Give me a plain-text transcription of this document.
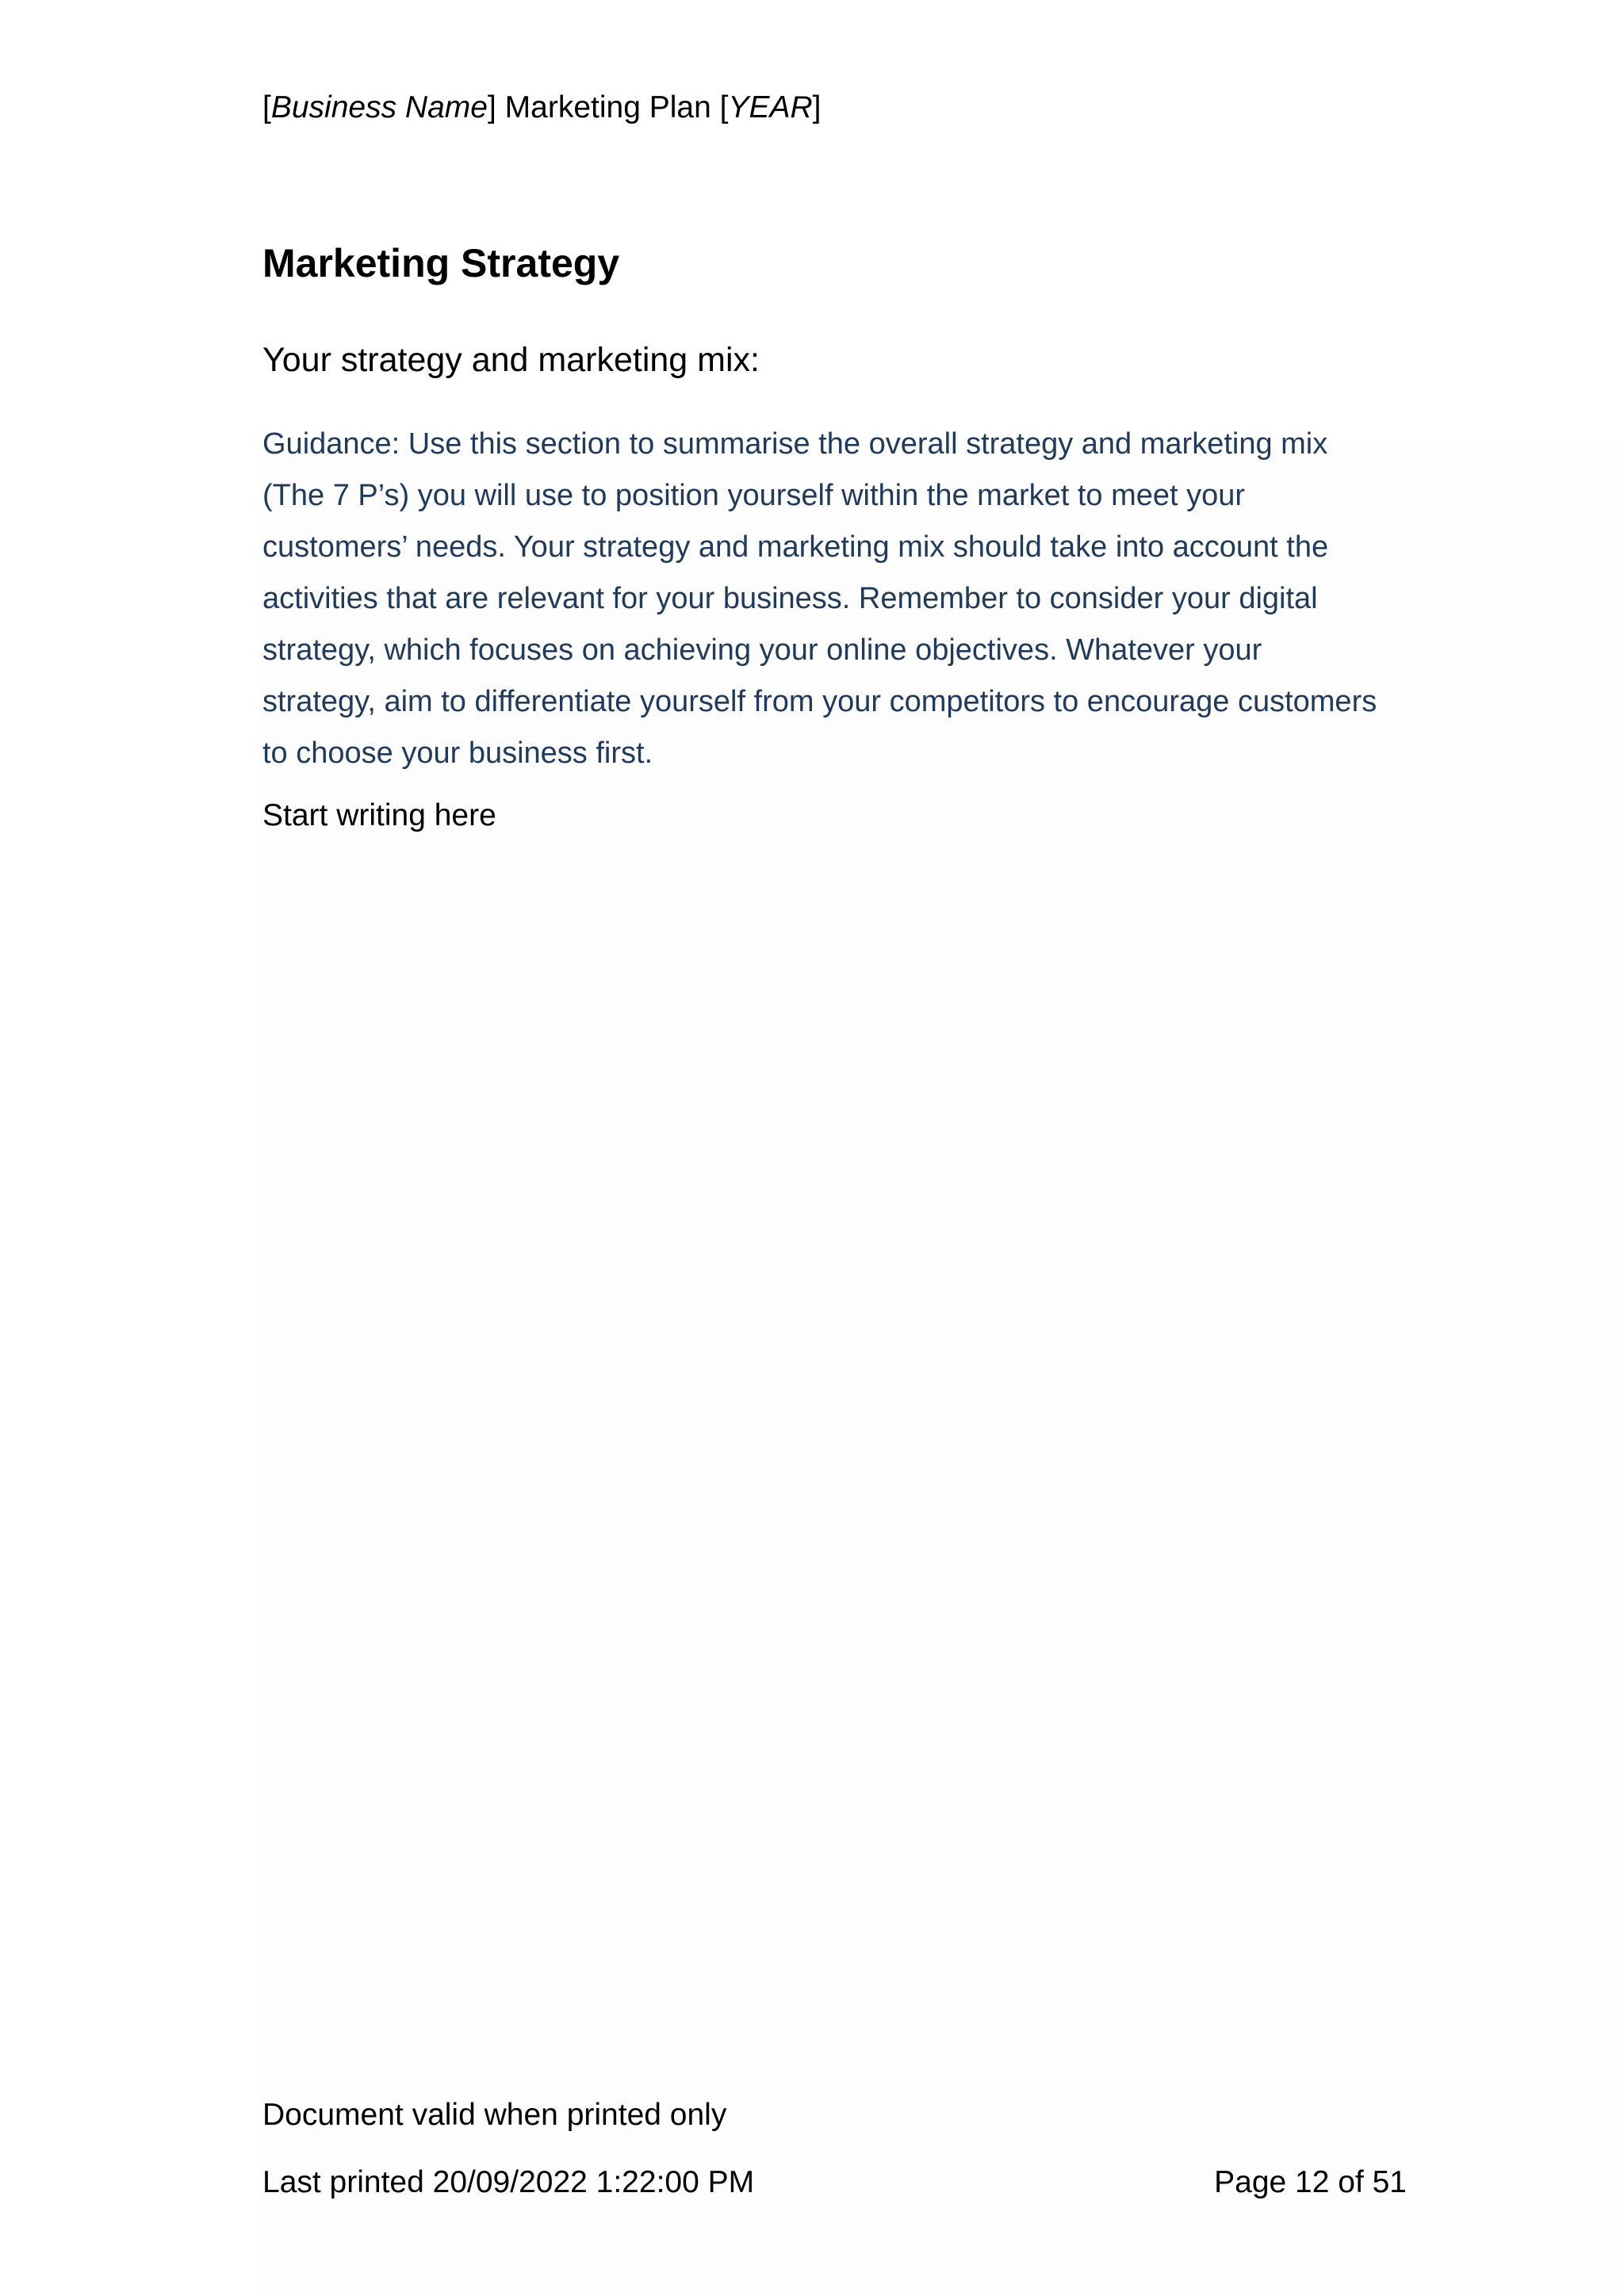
[Business Name] Marketing Plan [YEAR]
Marketing Strategy
Your strategy and marketing mix:

Guidance: Use this section to summarise the overall strategy and marketing mix
(The 7 P’s) you will use to position yourself within the market to meet your
customers’ needs. Your strategy and marketing mix should take into account the
activities that are relevant for your business. Remember to consider your digital
strategy, which focuses on achieving your online objectives. Whatever your
strategy, aim to differentiate yourself from your competitors to encourage customers
to choose your business first.

Start writing here
Document valid when printed only
Last printed 20/09/2022 1:22:00 PM	Page 12 of 51
